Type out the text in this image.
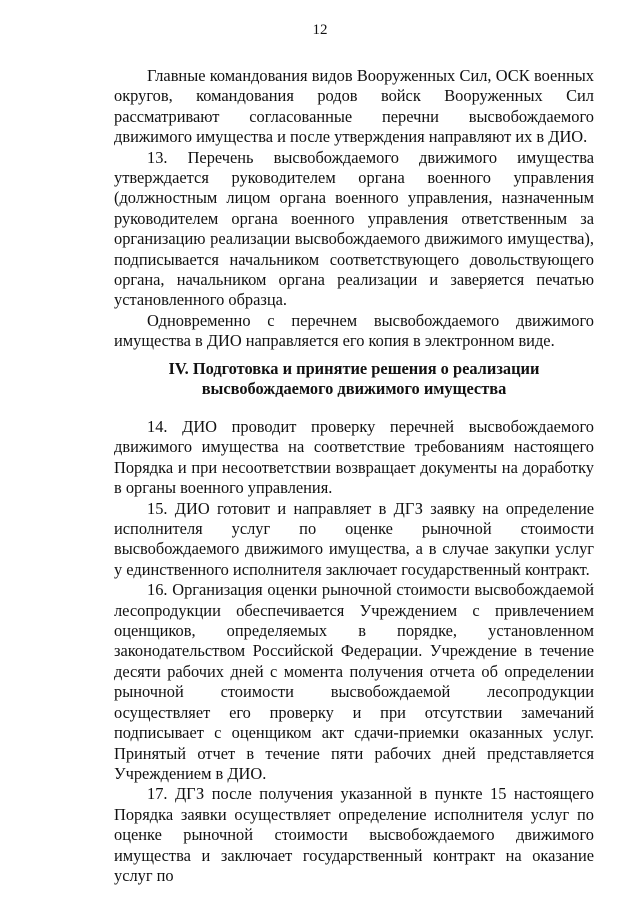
12

Главные командования видов Вооруженных Сил, ОСК военных округов, командования родов войск Вооруженных Сил рассматривают согласованные перечни высвобождаемого движимого имущества и после утверждения направляют их в ДИО.

13. Перечень высвобождаемого движимого имущества утверждается руководителем органа военного управления (должностным лицом органа военного управления, назначенным руководителем органа военного управления ответственным за организацию реализации высвобождаемого движимого имущества), подписывается начальником соответствующего довольствующего органа, начальником органа реализации и заверяется печатью установленного образца.

Одновременно с перечнем высвобождаемого движимого имущества в ДИО направляется его копия в электронном виде.

IV. Подготовка и принятие решения о реализации
высвобождаемого движимого имущества

14. ДИО проводит проверку перечней высвобождаемого движимого имущества на соответствие требованиям настоящего Порядка и при несоответствии возвращает документы на доработку в органы военного управления.

15. ДИО готовит и направляет в ДГЗ заявку на определение исполнителя услуг по оценке рыночной стоимости высвобождаемого движимого имущества, а в случае закупки услуг у единственного исполнителя заключает государственный контракт.

16. Организация оценки рыночной стоимости высвобождаемой лесопродукции обеспечивается Учреждением с привлечением оценщиков, определяемых в порядке, установленном законодательством Российской Федерации. Учреждение в течение десяти рабочих дней с момента получения отчета об определении рыночной стоимости высвобождаемой лесопродукции осуществляет его проверку и при отсутствии замечаний подписывает с оценщиком акт сдачи-приемки оказанных услуг. Принятый отчет в течение пяти рабочих дней представляется Учреждением в ДИО.

17. ДГЗ после получения указанной в пункте 15 настоящего Порядка заявки осуществляет определение исполнителя услуг по оценке рыночной стоимости высвобождаемого движимого имущества и заключает государственный контракт на оказание услуг по
